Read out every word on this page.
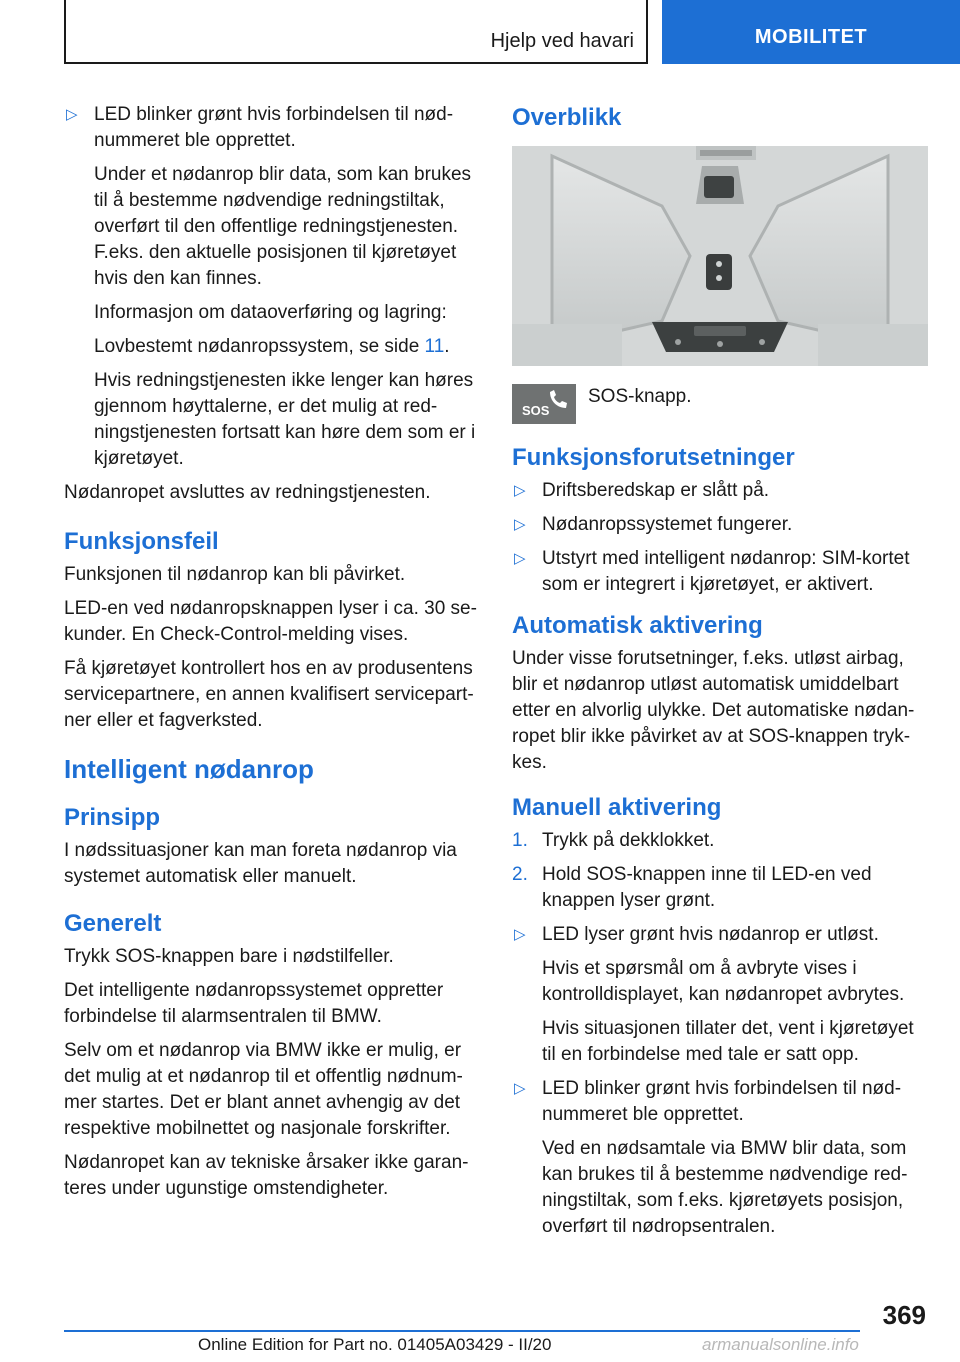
Hjelp ved havari	MOBILITET
▷ LED blinker grønt hvis forbindelsen til nødnummeret ble opprettet.
Under et nødanrop blir data, som kan brukes til å bestemme nødvendige redningstiltak, overført til den offentlige redningstjenesten. F.eks. den aktuelle posisjonen til kjøretøyet hvis den kan finnes.
Informasjon om dataoverføring og lagring:
Lovbestemt nødanropssystem, se side 11.
Hvis redningstjenesten ikke lenger kan høres gjennom høyttalerne, er det mulig at redningstjenesten fortsatt kan høre dem som er i kjøretøyet.

Nødanropet avsluttes av redningstjenesten.

Funksjonsfeil

Funksjonen til nødanrop kan bli påvirket.

LED-en ved nødanropsknappen lyser i ca. 30 sekunder. En Check-Control-melding vises.

Få kjøretøyet kontrollert hos en av produsentens servicepartnere, en annen kvalifisert servicepartner eller et fagverksted.

Intelligent nødanrop
Prinsipp

I nødssituasjoner kan man foreta nødanrop via systemet automatisk eller manuelt.

Generelt

Trykk SOS-knappen bare i nødstilfeller.

Det intelligente nødanropssystemet oppretter forbindelse til alarmsentralen til BMW.

Selv om et nødanrop via BMW ikke er mulig, er det mulig at et nødanrop til et offentlig nødnummer startes. Det er blant annet avhengig av det respektive mobilnettet og nasjonale forskrifter.

Nødanropet kan av tekniske årsaker ikke garanteres under ugunstige omstendigheter.

Overblikk
SOS
SOS-knapp.
Funksjonsforutsetninger
▷ Driftsberedskap er slått på.
▷ Nødanropssystemet fungerer.
▷ Utstyrt med intelligent nødanrop: SIM-kortet som er integrert i kjøretøyet, er aktivert.
Automatisk aktivering

Under visse forutsetninger, f.eks. utløst airbag, blir et nødanrop utløst automatisk umiddelbart etter en alvorlig ulykke. Det automatiske nødanropet blir ikke påvirket av at SOS-knappen trykkes.

Manuell aktivering
1. Trykk på dekklokket.
2. Hold SOS-knappen inne til LED-en ved knappen lyser grønt.
▷ LED lyser grønt hvis nødanrop er utløst.
Hvis et spørsmål om å avbryte vises i kontrolldisplayet, kan nødanropet avbrytes.
Hvis situasjonen tillater det, vent i kjøretøyet til en forbindelse med tale er satt opp.
▷ LED blinker grønt hvis forbindelsen til nødnummeret ble opprettet.
Ved en nødsamtale via BMW blir data, som kan brukes til å bestemme nødvendige redningstiltak, som f.eks. kjøretøyets posisjon, overført til nødropsentralen.
369
Online Edition for Part no. 01405A03429 - II/20	armanualsonline.info
